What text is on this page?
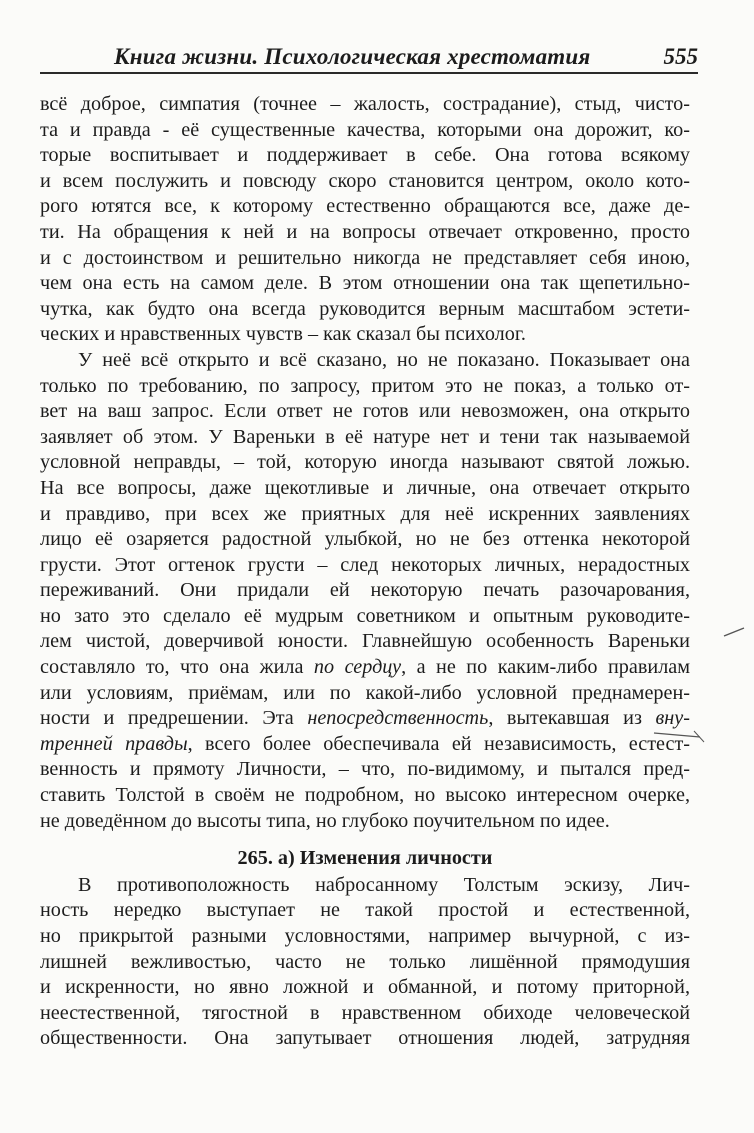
Книга жизни. Психологическая хрестоматия	555
всё доброе, симпатия (точнее – жалость, сострадание), стыд, чисто-
та и правда - её существенные качества, которыми она дорожит, ко-
торые воспитывает и поддерживает в себе. Она готова всякому
и всем послужить и повсюду скоро становится центром, около кото-
рого ютятся все, к которому естественно обращаются все, даже де-
ти. На обращения к ней и на вопросы отвечает откровенно, просто
и с достоинством и решительно никогда не представляет себя иною,
чем она есть на самом деле. В этом отношении она так щепетильно-
чутка, как будто она всегда руководится верным масштабом эстети-
ческих и нравственных чувств – как сказал бы психолог.
У неё всё открыто и всё сказано, но не показано. Показывает она
только по требованию, по запросу, притом это не показ, а только от-
вет на ваш запрос. Если ответ не готов или невозможен, она открыто
заявляет об этом. У Вареньки в её натуре нет и тени так называемой
условной неправды, – той, которую иногда называют святой ложью.
На все вопросы, даже щекотливые и личные, она отвечает открыто
и правдиво, при всех же приятных для неё искренних заявлениях
лицо её озаряется радостной улыбкой, но не без оттенка некоторой
грусти. Этот огтенок грусти – след некоторых личных, нерадостных
переживаний. Они придали ей некоторую печать разочарования,
но зато это сделало её мудрым советником и опытным руководите-
лем чистой, доверчивой юности. Главнейшую особенность Вареньки
составляло то, что она жила по сердцу, а не по каким-либо правилам
или условиям, приёмам, или по какой-либо условной преднамерен-
ности и предрешении. Эта непосредственность, вытекавшая из вну-
тренней правды, всего более обеспечивала ей независимость, естест-
венность и прямоту Личности, – что, по-видимому, и пытался пред-
ставить Толстой в своём не подробном, но высоко интересном очерке,
не доведённом до высоты типа, но глубоко поучительном по идее.
265. а) Изменения личности
В противоположность набросанному Толстым эскизу, Лич-
ность нередко выступает не такой простой и естественной,
но прикрытой разными условностями, например вычурной, с из-
лишней вежливостью, часто не только лишённой прямодушия
и искренности, но явно ложной и обманной, и потому приторной,
неестественной, тягостной в нравственном обиходе человеческой
общественности. Она запутывает отношения людей, затрудняя
